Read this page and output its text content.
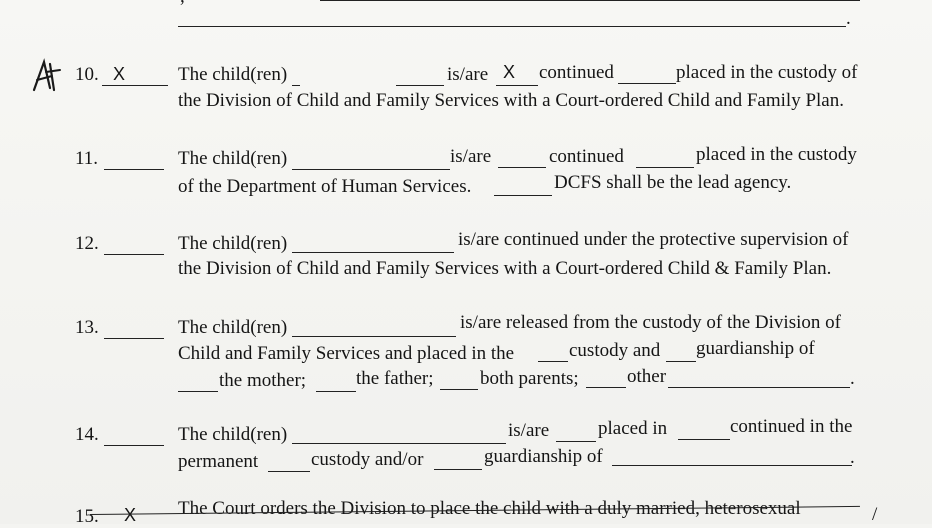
.
10. X	The child(ren)	is/are X continued	placed in the custody of
the Division of Child and Family Services with a Court-ordered Child and Family Plan.
11.	The child(ren)	is/are	continued	placed in the custody
of the Department of Human Services.	DCFS shall be the lead agency.
12.	The child(ren)	is/are continued under the protective supervision of
the Division of Child and Family Services with a Court-ordered Child & Family Plan.
13.	The child(ren)	is/are released from the custody of the Division of
Child and Family Services and placed in the	custody and guardianship of
the mother;	the father; both parents;	other	.
14.	The child(ren)	is/are	placed in	continued in the
permanent	custody and/or	guardianship of	.
15. X The Court orders the Division to place the child with a duly married, heterosexual	/
